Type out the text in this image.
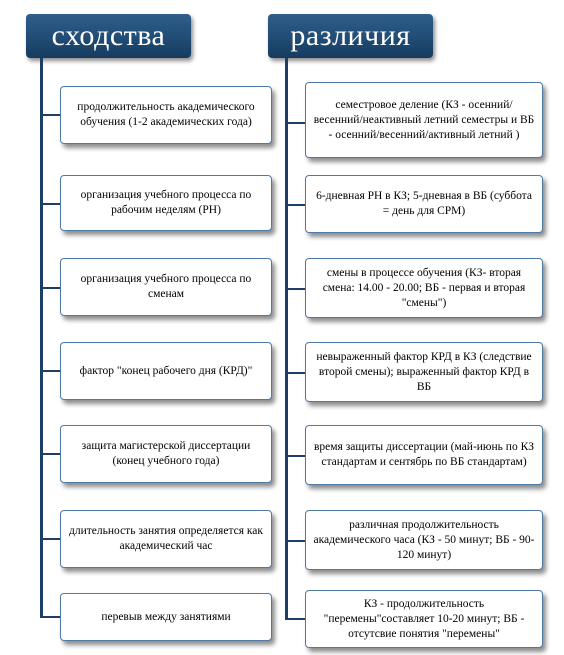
сходства
продолжительность академического обучения (1-2 академических года)
организация учебного процесса по рабочим неделям (РН)
организация учебного процесса по сменам
фактор "конец рабочего дня (КРД)"
защита магистерской диссертации (конец учебного года)
длительность занятия определяется как академический час
перевыв между занятиями
различия
семестровое деление (КЗ - осенний/весенний/неактивный летний семестры и ВБ - осенний/весенний/активный летний )
6-дневная РН в КЗ; 5-дневная в ВБ (суббота = день для СРМ)
смены в процессе обучения (КЗ- вторая смена: 14.00 - 20.00; ВБ - первая и вторая "смены")
невыраженный фактор КРД в КЗ (следствие второй смены); выраженный фактор КРД в ВБ
время защиты диссертации (май-июнь по КЗ стандартам и сентябрь по ВБ стандартам)
различная продолжительность академического часа (КЗ - 50 минут; ВБ - 90-120 минут)
КЗ - продолжительность "перемены"составляет 10-20 минут; ВБ - отсутсвие понятия "перемены"
